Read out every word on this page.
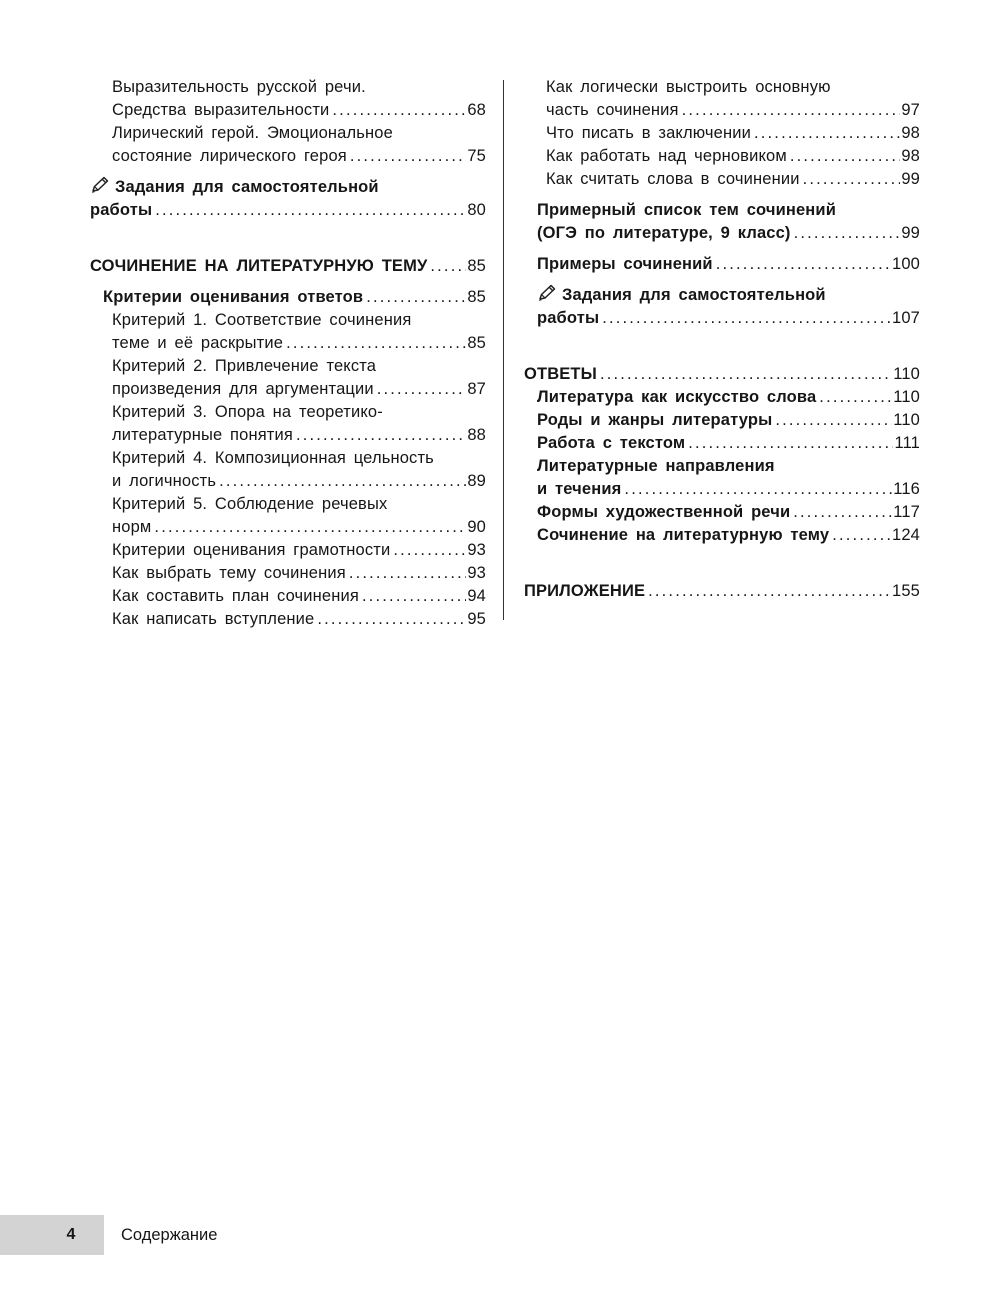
Выразительность русской речи.
Средства выразительности . . .	68
Лирический герой. Эмоциональное
состояние лирического героя . . .	75
Задания для самостоятельной
работы . . .	80
СОЧИНЕНИЕ НА ЛИТЕРАТУРНУЮ ТЕМУ . . . 85
Критерии оценивания ответов . . .	85
Критерий 1. Соответствие сочинения
теме и её раскрытие . . .	85
Критерий 2. Привлечение текста
произведения для аргументации . . .	87
Критерий 3. Опора на теоретико-
литературные понятия . . .	88
Критерий 4. Композиционная цельность
и логичность . . .	89
Критерий 5. Соблюдение речевых
норм . . .	90
Критерии оценивания грамотности . . .	93
Как выбрать тему сочинения . . .	93
Как составить план сочинения . . .	94
Как написать вступление . . .	95
Как логически выстроить основную
часть сочинения . . .	97
Что писать в заключении . . .	98
Как работать над черновиком . . .	98
Как считать слова в сочинении . . .	99
Примерный список тем сочинений
(ОГЭ по литературе, 9 класс) . . .	99
Примеры сочинений . . .	100
Задания для самостоятельной
работы . . .	107
ОТВЕТЫ . . .	110
Литература как искусство слова . . .	110
Роды и жанры литературы . . .	110
Работа с текстом . . .	111
Литературные направления
и течения . . .	116
Формы художественной речи . . .	117
Сочинение на литературную тему . . .	124
ПРИЛОЖЕНИЕ . . .	155
4	Содержание
